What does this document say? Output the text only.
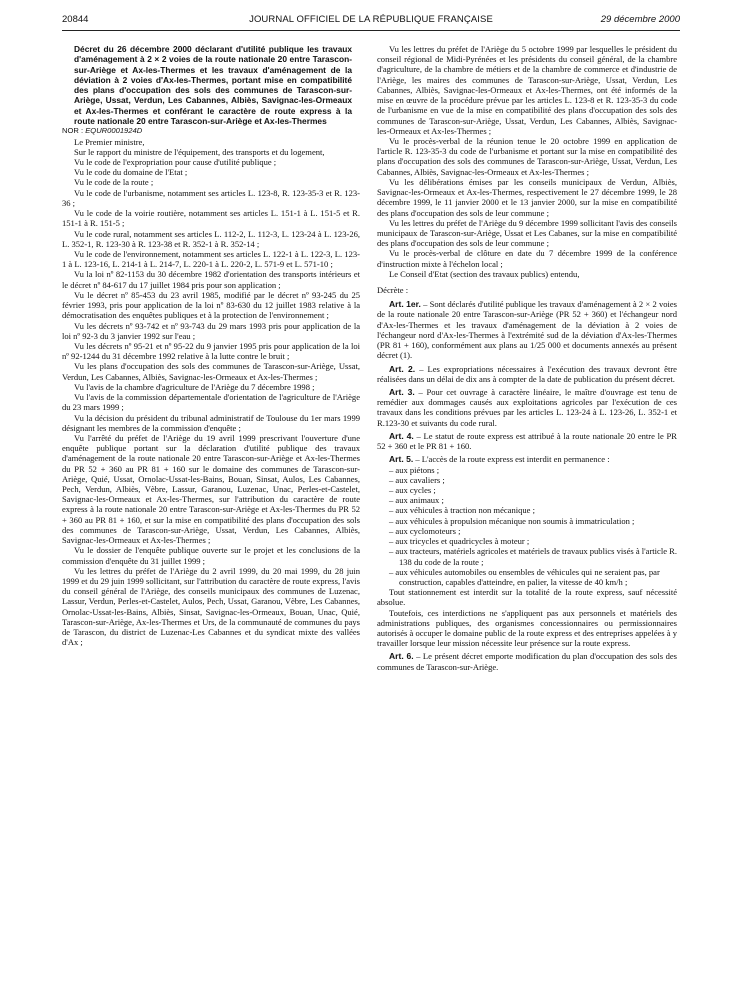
20844	JOURNAL OFFICIEL DE LA RÉPUBLIQUE FRANÇAISE	29 décembre 2000

Décret du 26 décembre 2000 déclarant d'utilité publique les travaux d'aménagement à 2 × 2 voies de la route nationale 20 entre Tarascon-sur-Ariège et Ax-les-Thermes et les travaux d'aménagement de la déviation à 2 voies d'Ax-les-Thermes, portant mise en compatibilité des plans d'occupation des sols des communes de Tarascon-sur-Ariège, Ussat, Verdun, Les Cabannes, Albiès, Savignac-les-Ormeaux et Ax-les-Thermes et conférant le caractère de route express à la route nationale 20 entre Tarascon-sur-Ariège et Ax-les-Thermes

NOR : EQUR0001924D

Le Premier ministre,

Sur le rapport du ministre de l'équipement, des transports et du logement,

Vu le code de l'expropriation pour cause d'utilité publique ;

Vu le code du domaine de l'Etat ;

Vu le code de la route ;

Vu le code de l'urbanisme, notamment ses articles L. 123-8, R. 123-35-3 et R. 123-36 ;

Vu le code de la voirie routière, notamment ses articles L. 151-1 à L. 151-5 et R. 151-1 à R. 151-5 ;

Vu le code rural, notamment ses articles L. 112-2, L. 112-3, L. 123-24 à L. 123-26, L. 352-1, R. 123-30 à R. 123-38 et R. 352-1 à R. 352-14 ;

Vu le code de l'environnement, notamment ses articles L. 122-1 à L. 122-3, L. 123-1 à L. 123-16, L. 214-1 à L. 214-7, L. 220-1 à L. 220-2, L. 571-9 et L. 571-10 ;

Vu la loi nº 82-1153 du 30 décembre 1982 d'orientation des transports intérieurs et le décret nº 84-617 du 17 juillet 1984 pris pour son application ;

Vu le décret nº 85-453 du 23 avril 1985, modifié par le décret nº 93-245 du 25 février 1993, pris pour application de la loi nº 83-630 du 12 juillet 1983 relative à la démocratisation des enquêtes publiques et à la protection de l'environnement ;

Vu les décrets nº 93-742 et nº 93-743 du 29 mars 1993 pris pour application de la loi nº 92-3 du 3 janvier 1992 sur l'eau ;

Vu les décrets nº 95-21 et nº 95-22 du 9 janvier 1995 pris pour application de la loi nº 92-1244 du 31 décembre 1992 relative à la lutte contre le bruit ;

Vu les plans d'occupation des sols des communes de Tarascon-sur-Ariège, Ussat, Verdun, Les Cabannes, Albiès, Savignac-les-Ormeaux et Ax-les-Thermes ;

Vu l'avis de la chambre d'agriculture de l'Ariège du 7 décembre 1998 ;

Vu l'avis de la commission départementale d'orientation de l'agriculture de l'Ariège du 23 mars 1999 ;

Vu la décision du président du tribunal administratif de Toulouse du 1er mars 1999 désignant les membres de la commission d'enquête ;

Vu l'arrêté du préfet de l'Ariège du 19 avril 1999 prescrivant l'ouverture d'une enquête publique portant sur la déclaration d'utilité publique des travaux d'aménagement de la route nationale 20 entre Tarascon-sur-Ariège et Ax-les-Thermes du PR 52 + 360 au PR 81 + 160 sur le domaine des communes de Tarascon-sur-Ariège, Quié, Ussat, Ornolac-Ussat-les-Bains, Bouan, Sinsat, Aulos, Les Cabannes, Pech, Verdun, Albiès, Vèbre, Lassur, Garanou, Luzenac, Unac, Perles-et-Castelet, Savignac-les-Ormeaux et Ax-les-Thermes, sur l'attribution du caractère de route express à la route nationale 20 entre Tarascon-sur-Ariège et Ax-les-Thermes du PR 52 + 360 au PR 81 + 160, et sur la mise en compatibilité des plans d'occupation des sols des communes de Tarascon-sur-Ariège, Ussat, Verdun, Les Cabannes, Albiès, Savignac-les-Ormeaux et Ax-les-Thermes ;

Vu le dossier de l'enquête publique ouverte sur le projet et les conclusions de la commission d'enquête du 31 juillet 1999 ;

Vu les lettres du préfet de l'Ariège du 2 avril 1999, du 20 mai 1999, du 28 juin 1999 et du 29 juin 1999 sollicitant, sur l'attribution du caractère de route express, l'avis du conseil général de l'Ariège, des conseils municipaux des communes de Luzenac, Lassur, Verdun, Perles-et-Castelet, Aulos, Pech, Ussat, Garanou, Vèbre, Les Cabannes, Ornolac-Ussat-les-Bains, Albiès, Sinsat, Savignac-les-Ormeaux, Bouan, Unac, Quié, Tarascon-sur-Ariège, Ax-les-Thermes et Urs, de la communauté de communes du pays de Tarascon, du district de Luzenac-Les Cabannes et du syndicat mixte des vallées d'Ax ;

Vu les lettres du préfet de l'Ariège du 5 octobre 1999 par lesquelles le président du conseil régional de Midi-Pyrénées et les présidents du conseil général, de la chambre d'agriculture, de la chambre de métiers et de la chambre de commerce et d'industrie de l'Ariège, les maires des communes de Tarascon-sur-Ariège, Ussat, Verdun, Les Cabannes, Albiès, Savignac-les-Ormeaux et Ax-les-Thermes, ont été informés de la mise en œuvre de la procédure prévue par les articles L. 123-8 et R. 123-35-3 du code de l'urbanisme en vue de la mise en compatibilité des plans d'occupation des sols des communes de Tarascon-sur-Ariège, Ussat, Verdun, Les Cabannes, Albiès, Savignac-les-Ormeaux et Ax-les-Thermes ;

Vu le procès-verbal de la réunion tenue le 20 octobre 1999 en application de l'article R. 123-35-3 du code de l'urbanisme et portant sur la mise en compatibilité des plans d'occupation des sols des communes de Tarascon-sur-Ariège, Ussat, Verdun, Les Cabannes, Albiès, Savignac-les-Ormeaux et Ax-les-Thermes ;

Vu les délibérations émises par les conseils municipaux de Verdun, Albiès, Savignac-les-Ormeaux et Ax-les-Thermes, respectivement le 27 décembre 1999, le 28 décembre 1999, le 11 janvier 2000 et le 13 janvier 2000, sur la mise en compatibilité des plans d'occupation des sols de leur commune ;

Vu les lettres du préfet de l'Ariège du 9 décembre 1999 sollicitant l'avis des conseils municipaux de Tarascon-sur-Ariège, Ussat et Les Cabanes, sur la mise en compatibilité des plans d'occupation des sols de leur commune ;

Vu le procès-verbal de clôture en date du 7 décembre 1999 de la conférence d'instruction mixte à l'échelon local ;

Le Conseil d'Etat (section des travaux publics) entendu,

Décrète :

Art. 1er. – Sont déclarés d'utilité publique les travaux d'aménagement à 2 × 2 voies de la route nationale 20 entre Tarascon-sur-Ariège (PR 52 + 360) et l'échangeur nord d'Ax-les-Thermes et les travaux d'aménagement de la déviation à 2 voies de l'échangeur nord d'Ax-les-Thermes à l'extrémité sud de la déviation d'Ax-les-Thermes (PR 81 + 160), conformément aux plans au 1/25 000 et documents annexés au présent décret (1).

Art. 2. – Les expropriations nécessaires à l'exécution des travaux devront être réalisées dans un délai de dix ans à compter de la date de publication du présent décret.

Art. 3. – Pour cet ouvrage à caractère linéaire, le maître d'ouvrage est tenu de remédier aux dommages causés aux exploitations agricoles par l'exécution de ces travaux dans les conditions prévues par les articles L. 123-24 à L. 123-26, L. 352-1 et R.123-30 et suivants du code rural.

Art. 4. – Le statut de route express est attribué à la route nationale 20 entre le PR 52 + 360 et le PR 81 + 160.

Art. 5. – L'accès de la route express est interdit en permanence :

– aux piétons ;
– aux cavaliers ;
– aux cycles ;
– aux animaux ;
– aux véhicules à traction non mécanique ;
– aux véhicules à propulsion mécanique non soumis à immatriculation ;
– aux cyclomoteurs ;
– aux tricycles et quadricycles à moteur ;
– aux tracteurs, matériels agricoles et matériels de travaux publics visés à l'article R. 138 du code de la route ;
– aux véhicules automobiles ou ensembles de véhicules qui ne seraient pas, par construction, capables d'atteindre, en palier, la vitesse de 40 km/h ;

Tout stationnement est interdit sur la totalité de la route express, sauf nécessité absolue.

Toutefois, ces interdictions ne s'appliquent pas aux personnels et matériels des administrations publiques, des organismes concessionnaires ou permissionnaires autorisés à occuper le domaine public de la route express et des entreprises appelées à y travailler lorsque leur mission nécessite leur présence sur la route express.

Art. 6. – Le présent décret emporte modification du plan d'occupation des sols des communes de Tarascon-sur-Ariège.
